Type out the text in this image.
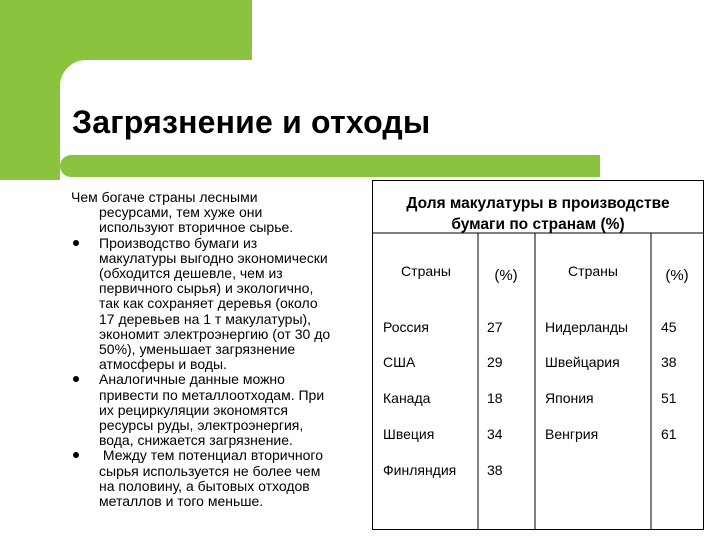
Загрязнение и отходы
Чем богаче страны лесными
ресурсами, тем хуже они
используют вторичное сырье.
Производство бумаги из
макулатуры выгодно экономически
(обходится дешевле, чем из
первичного сырья) и экологично,
так как сохраняет деревья (около
17 деревьев на 1 т макулатуры),
экономит электроэнергию (от 30 до
50%), уменьшает загрязнение
атмосферы и воды.
Аналогичные данные можно
привести по металлоотходам. При
их рециркуляции экономятся
ресурсы руды, электроэнергия,
вода, снижается загрязнение.
Между тем потенциал вторичного
сырья используется не более чем
на половину, а бытовых отходов
металлов и того меньше.
Доля макулатуры в производстве
бумаги по странам (%)
Страны	(%)	Страны	(%)
Россия	27	Нидерланды 45
США	29	Швейцария	38
Канада	18	Япония	51
Швеция	34	Венгрия	61
Финляндия 38
